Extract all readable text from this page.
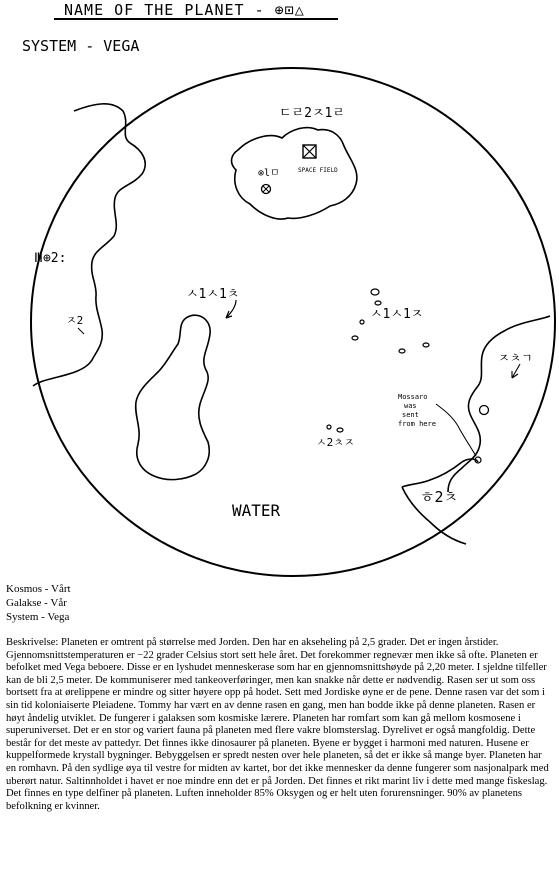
NAME OF THE PLANET - ⊕⊡△
SYSTEM - VEGA
SPACE FIELD
ㄷㄹ2ㅈ1ㄹ
⊗lㅁ
Ⅲ⊕2:
ㅈ2
ㅅ1ㅅ1ㅊ
ㅅ1ㅅ1ㅈ
ㅈㅊㄱ
ㅅ2ㅊㅈ
Mossaro was sent from here
ㅎ2ㅊ
WATER
Kosmos - Vårt
Galakse - Vår
System - Vega
Beskrivelse: Planeten er omtrent på størrelse med Jorden. Den har en akseheling på 2,5 grader. Det er ingen årstider. Gjennomsnittstemperaturen er −22 grader Celsius stort sett hele året. Det forekommer regnevær men ikke så ofte. Planeten er befolket med Vega beboere. Disse er en lyshudet menneskerase som har en gjennomsnittshøyde på 2,20 meter. I sjeldne tilfeller kan de bli 2,5 meter. De kommuniserer med tankeoverføringer, men kan snakke når dette er nødvendig. Rasen ser ut som oss bortsett fra at ørelippene er mindre og sitter høyere opp på hodet. Sett med Jordiske øyne er de pene. Denne rasen var det som i sin tid koloniaiserte Pleiadene. Tommy har vært en av denne rasen en gang, men han bodde ikke på denne planeten. Rasen er høyt åndelig utviklet. De fungerer i galaksen som kosmiske lærere. Planeten har romfart som kan gå mellom kosmosene i superuniverset. Det er en stor og variert fauna på planeten med flere vakre blomsterslag. Dyrelivet er også mangfoldig. Dette består for det meste av pattedyr. Det finnes ikke dinosaurer på planeten. Byene er bygget i harmoni med naturen. Husene er kuppelformede krystall bygninger. Bebyggelsen er spredt nesten over hele planeten, så det er ikke så mange byer. Planeten har en romhavn. På den sydlige øya til vestre for midten av kartet, bor det ikke mennesker da denne fungerer som nasjonalpark med uberørt natur. Saltinnholdet i havet er noe mindre enn det er på Jorden. Det finnes et rikt marint liv i dette med mange fiskeslag. Det finnes en type delfiner på planeten. Luften inneholder 85% Oksygen og er helt uten forurensninger. 90% av planetens befolkning er kvinner.
